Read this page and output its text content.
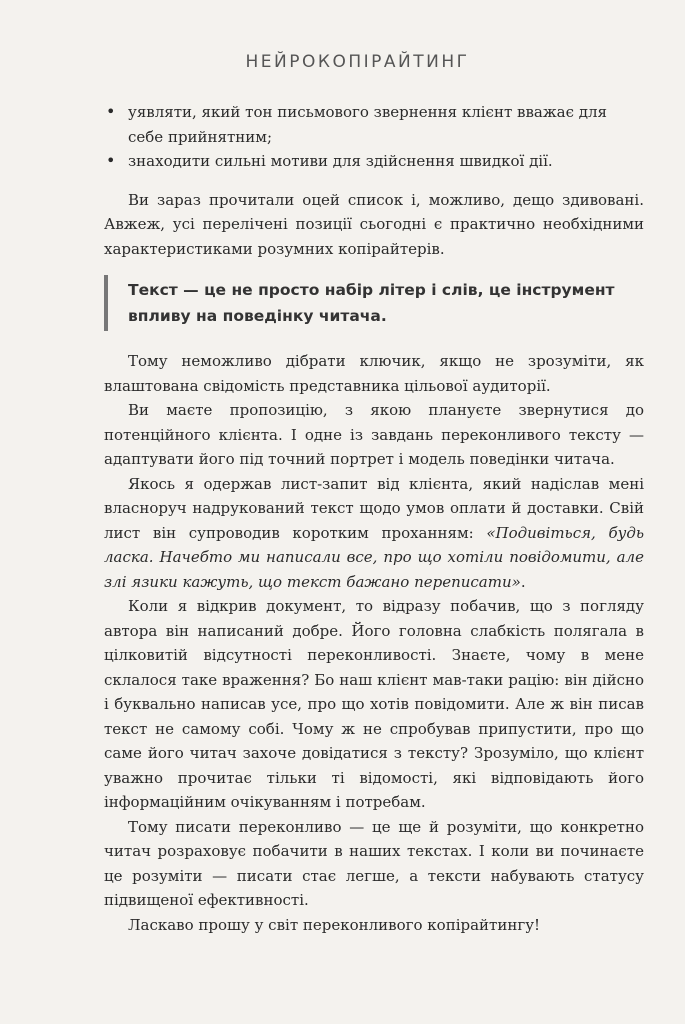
НЕЙРОКОПІРАЙТИНГ
• уявляти, який тон письмового звернення клієнт вважає для себе прийнятним;
• знаходити сильні мотиви для здійснення швидкої дії.

Ви зараз прочитали оцей список і, можливо, дещо здивовані. Авжеж, усі перелічені позиції сьогодні є практично необхідними характеристиками розумних копірайтерів.

Текст — це не просто набір літер і слів, це інструмент впливу на поведінку читача.

Тому неможливо дібрати ключик, якщо не зрозуміти, як влаштована свідомість представника цільової аудиторії.

Ви маєте пропозицію, з якою плануєте звернутися до потенційного клієнта. І одне із завдань переконливого тексту — адаптувати його під точний портрет і модель поведінки читача.

Якось я одержав лист-запит від клієнта, який надіслав мені власноруч надрукований текст щодо умов оплати й доставки. Свій лист він супроводив коротким проханням: «Подивіться, будь ласка. Начебто ми написали все, про що хотіли повідомити, але злі язики кажуть, що текст бажано переписати».

Коли я відкрив документ, то відразу побачив, що з погляду автора він написаний добре. Його головна слабкість полягала в цілковитій відсутності переконливості. Знаєте, чому в мене склалося таке враження? Бо наш клієнт мав-таки рацію: він дійсно і буквально написав усе, про що хотів повідомити. Але ж він писав текст не самому собі. Чому ж не спробував припустити, про що саме його читач захоче довідатися з тексту? Зрозуміло, що клієнт уважно прочитає тільки ті відомості, які відповідають його інформаційним очікуванням і потребам.

Тому писати переконливо — це ще й розуміти, що конкретно читач розраховує побачити в наших текстах. І коли ви починаєте це розуміти — писати стає легше, а тексти набувають статусу підвищеної ефективності.

Ласкаво прошу у світ переконливого копірайтингу!
